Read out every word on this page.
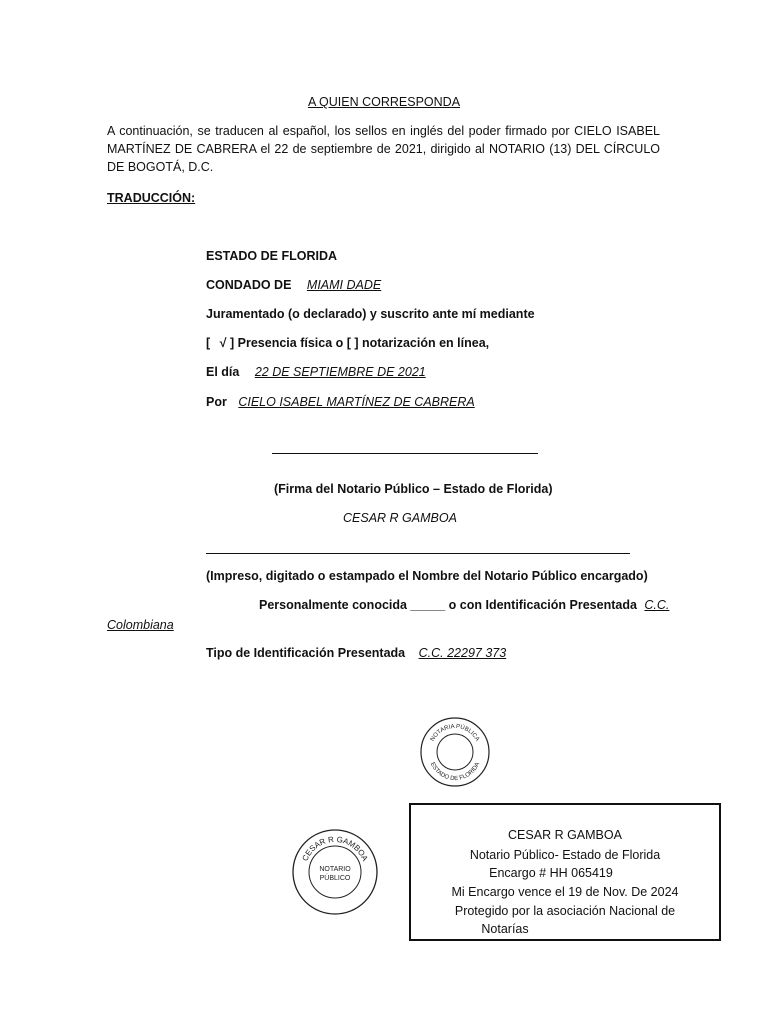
A QUIEN CORRESPONDA
A continuación, se traducen al español, los sellos en inglés del poder firmado por CIELO ISABEL MARTÍNEZ DE CABRERA el 22 de septiembre de 2021, dirigido al NOTARIO (13) DEL CÍRCULO DE BOGOTÁ, D.C.
TRADUCCIÓN:
ESTADO DE FLORIDA
CONDADO DE MIAMI DADE
Juramentado (o declarado) y suscrito ante mí mediante
[ √ ] Presencia física o [ ] notarización en línea,
El día 22 DE SEPTIEMBRE DE 2021
Por CIELO ISABEL MARTÍNEZ DE CABRERA
(Firma del Notario Público – Estado de Florida)
CESAR R GAMBOA
(Impreso, digitado o estampado el Nombre del Notario Público encargado)
Personalmente conocida _____ o con Identificación Presentada C.C.
Colombiana
Tipo de Identificación Presentada C.C. 22297 373
NOTARIA PÚBLICA
ESTADO DE FLORIDA
CESAR R GAMBOA
NOTARIO
PÚBLICO
CESAR R GAMBOA
Notario Público- Estado de Florida
Encargo # HH 065419
Mi Encargo vence el 19 de Nov. De 2024
Protegido por la asociación Nacional de
Notarías
